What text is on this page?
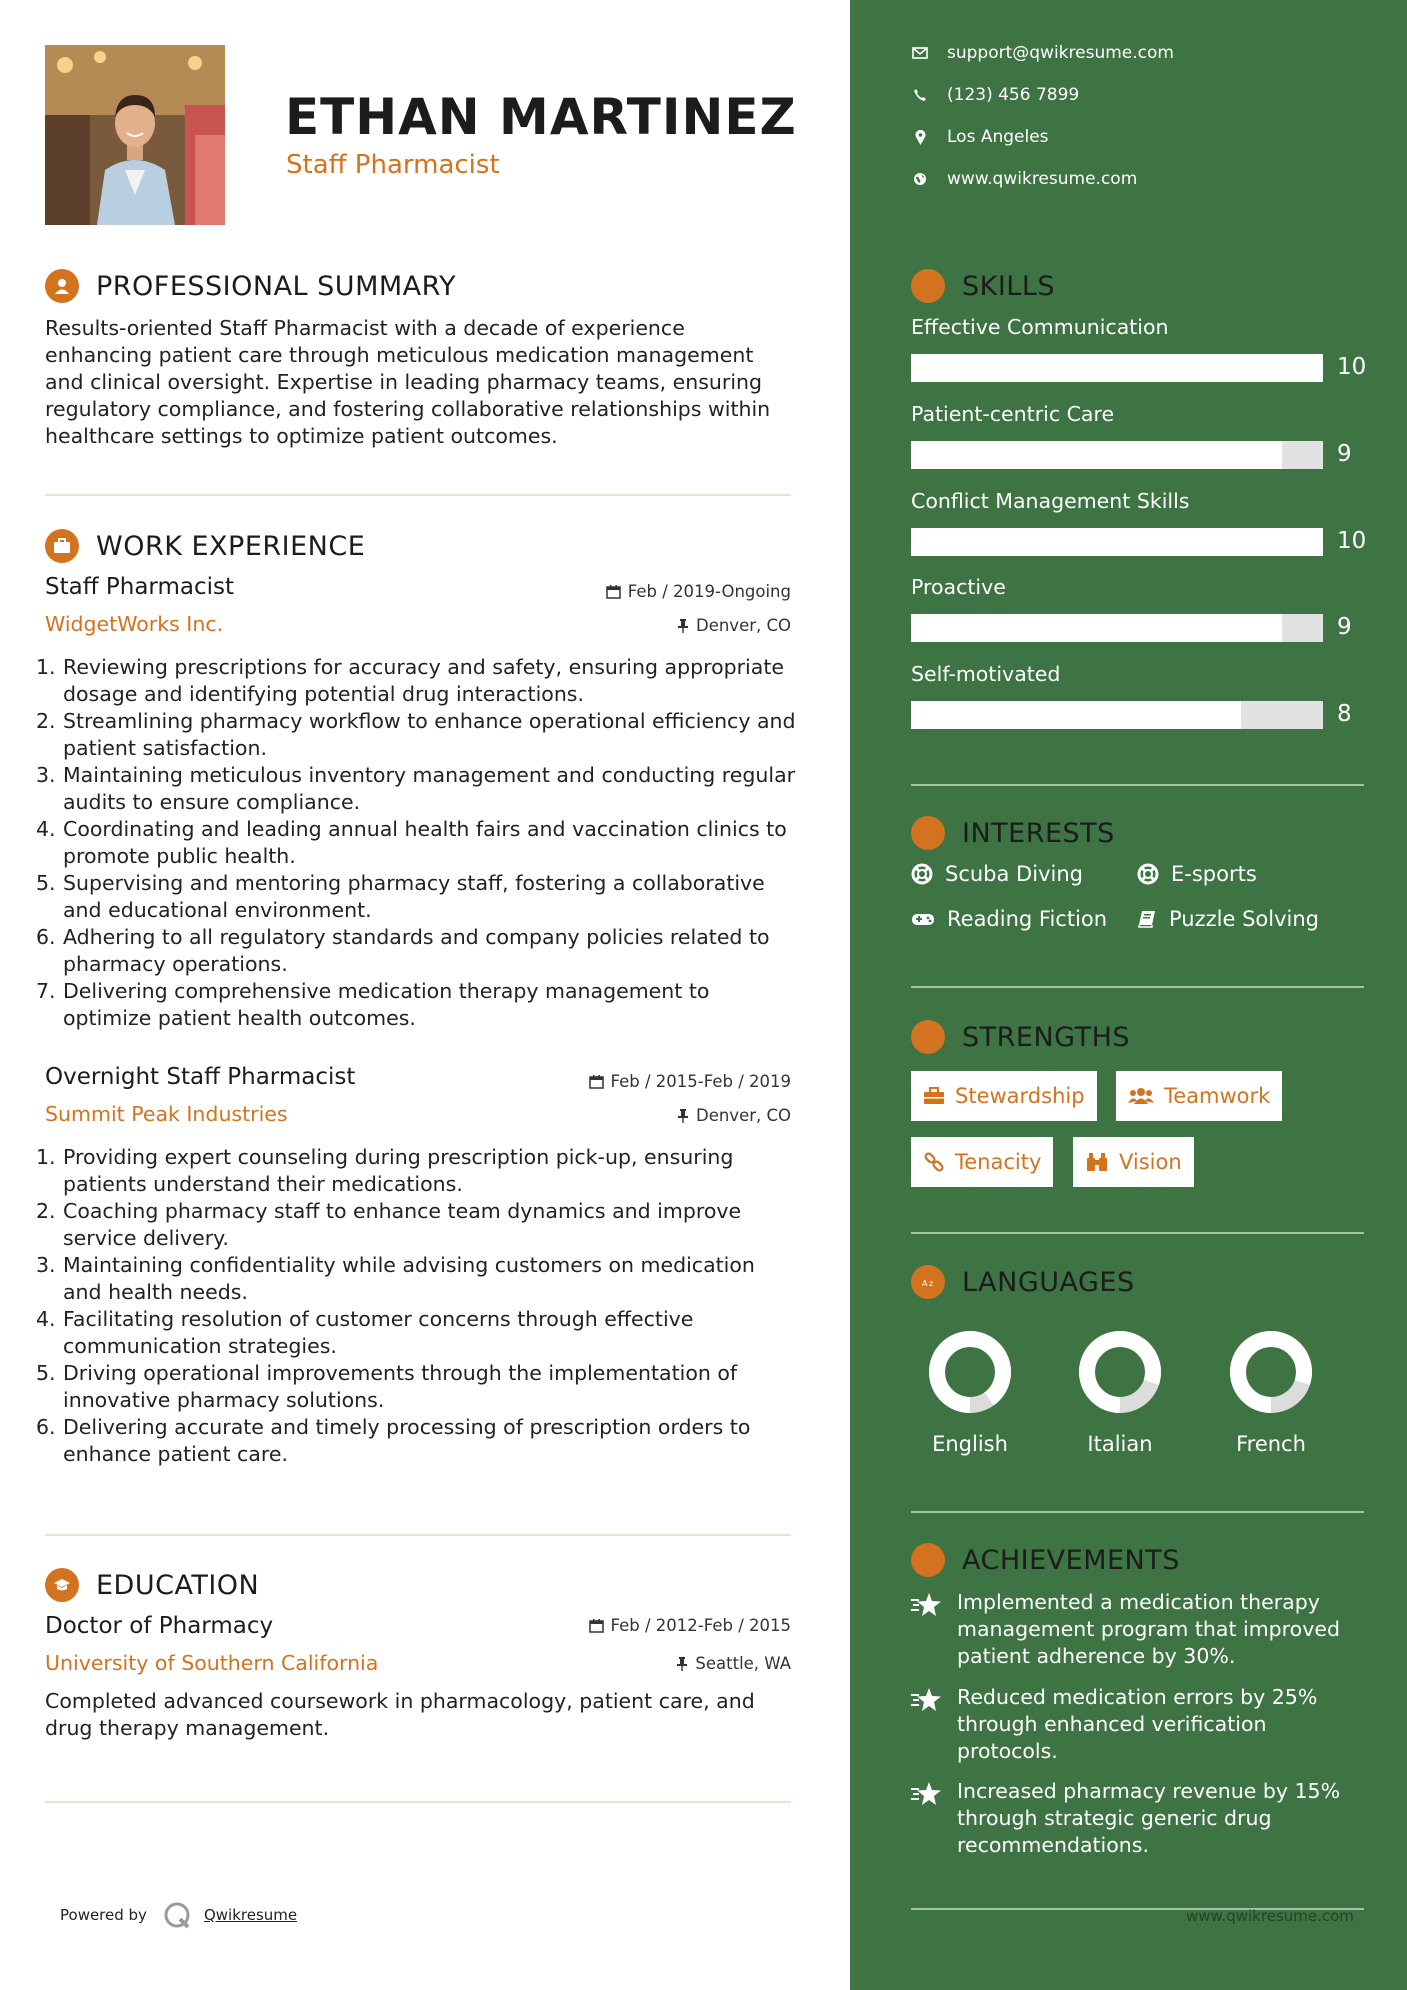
ETHAN MARTINEZ
Staff Pharmacist
PROFESSIONAL SUMMARY
Results-oriented Staff Pharmacist with a decade of experience enhancing patient care through meticulous medication management and clinical oversight. Expertise in leading pharmacy teams, ensuring regulatory compliance, and fostering collaborative relationships within healthcare settings to optimize patient outcomes.
WORK EXPERIENCE
Staff Pharmacist	Feb / 2019-Ongoing
WidgetWorks Inc.	Denver, CO
1. Reviewing prescriptions for accuracy and safety, ensuring appropriate dosage and identifying potential drug interactions.
2. Streamlining pharmacy workflow to enhance operational efficiency and patient satisfaction.
3. Maintaining meticulous inventory management and conducting regular audits to ensure compliance.
4. Coordinating and leading annual health fairs and vaccination clinics to promote public health.
5. Supervising and mentoring pharmacy staff, fostering a collaborative and educational environment.
6. Adhering to all regulatory standards and company policies related to pharmacy operations.
7. Delivering comprehensive medication therapy management to optimize patient health outcomes.
Overnight Staff Pharmacist	Feb / 2015-Feb / 2019
Summit Peak Industries	Denver, CO
1. Providing expert counseling during prescription pick-up, ensuring patients understand their medications.
2. Coaching pharmacy staff to enhance team dynamics and improve service delivery.
3. Maintaining confidentiality while advising customers on medication and health needs.
4. Facilitating resolution of customer concerns through effective communication strategies.
5. Driving operational improvements through the implementation of innovative pharmacy solutions.
6. Delivering accurate and timely processing of prescription orders to enhance patient care.
EDUCATION
Doctor of Pharmacy	Feb / 2012-Feb / 2015
University of Southern California	Seattle, WA
Completed advanced coursework in pharmacology, patient care, and drug therapy management.
Powered by	Qwikresume
support@qwikresume.com
(123) 456 7899
Los Angeles
www.qwikresume.com
SKILLS
Effective Communication
10
Patient-centric Care
9
Conflict Management Skills
10
Proactive
9
Self-motivated
8
INTERESTS
Scuba Diving	E-sports
Reading Fiction	Puzzle Solving
STRENGTHS
Stewardship	Teamwork
Tenacity	Vision
A z LANGUAGES
English	Italian	French
ACHIEVEMENTS
Implemented a medication therapy management program that improved patient adherence by 30%.
Reduced medication errors by 25% through enhanced verification protocols.
Increased pharmacy revenue by 15% through strategic generic drug recommendations.
www.qwikresume.com
